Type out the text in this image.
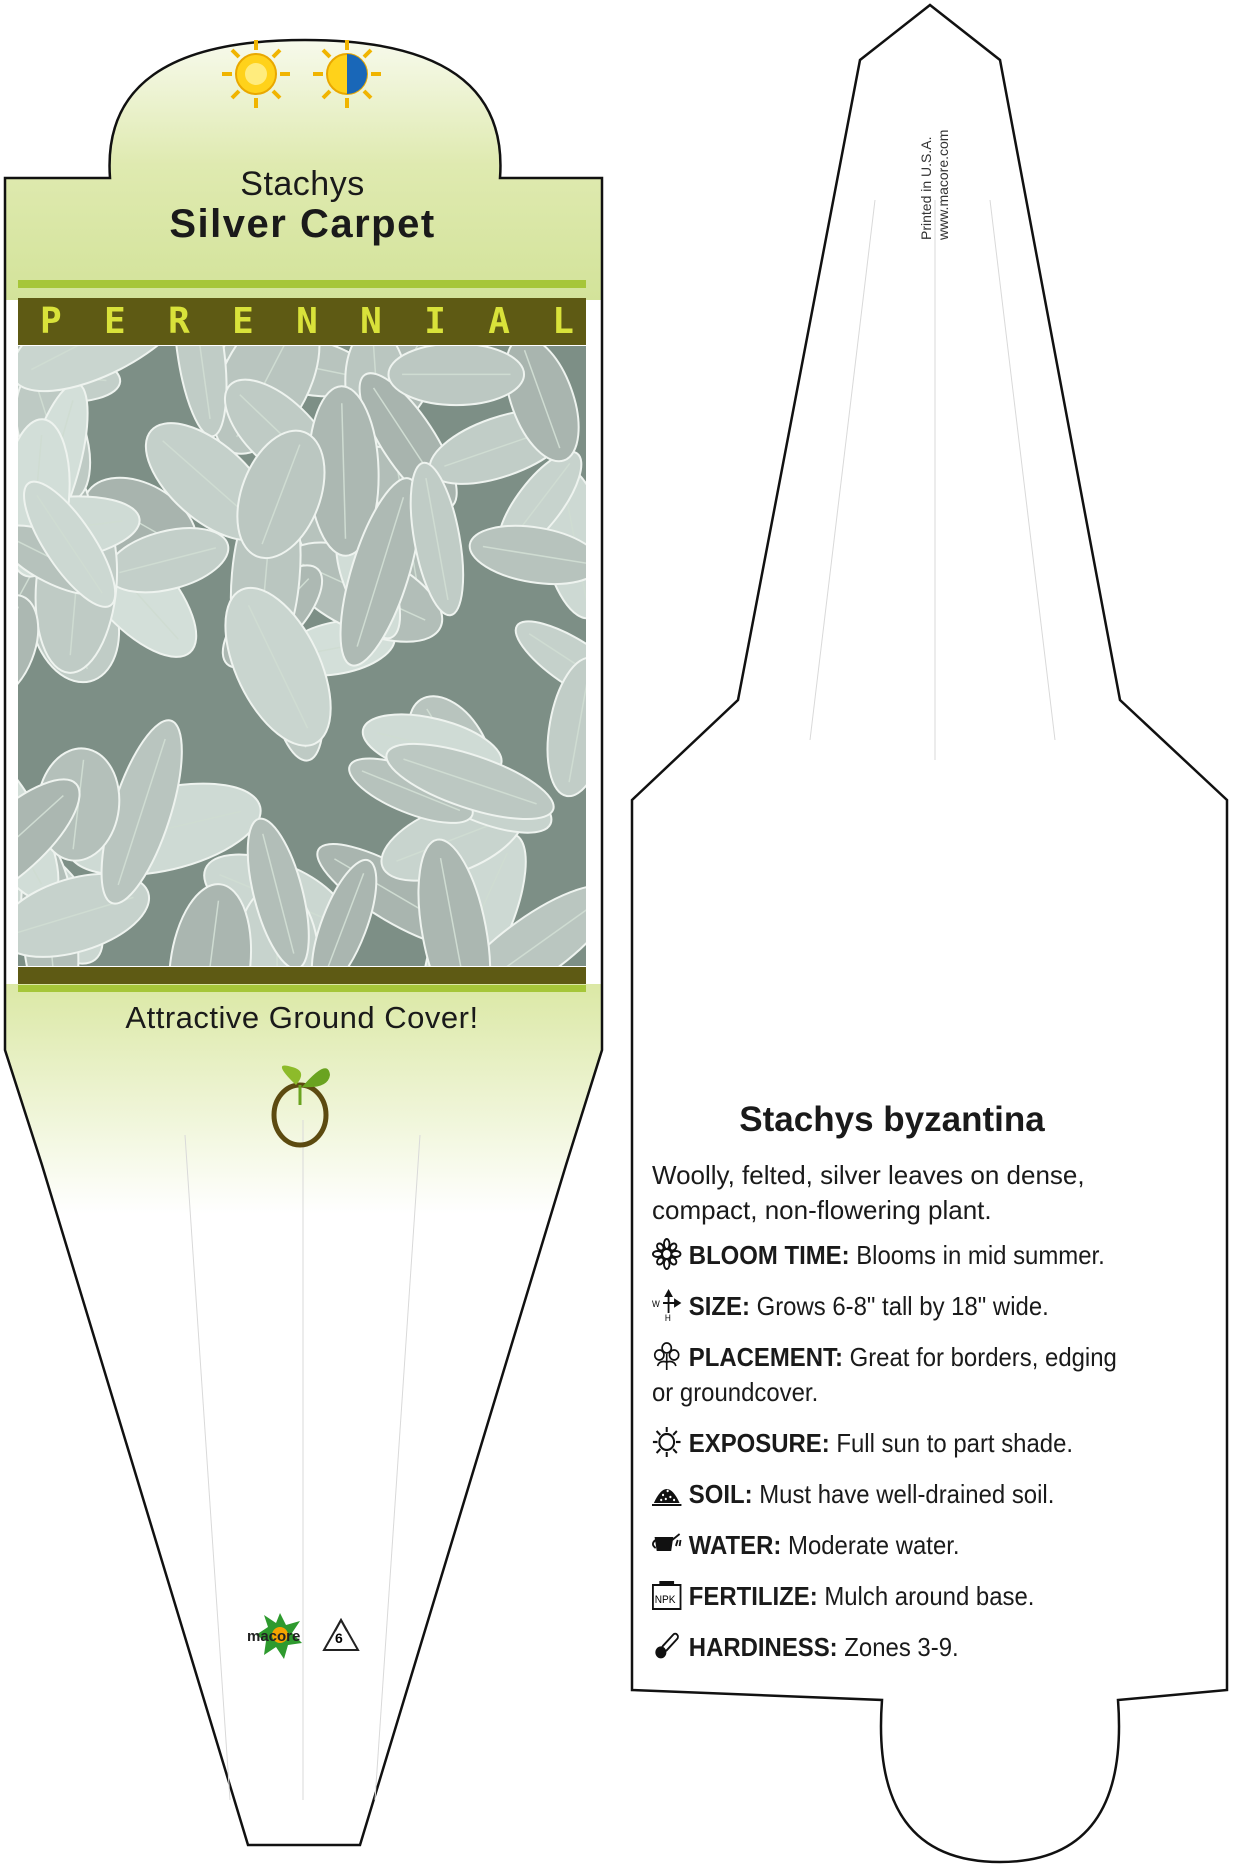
Stachys
Silver Carpet
P E R E N N I A L
Attractive Ground Cover!
macore 6
Printed in U.S.A. www.macore.com
Stachys byzantina
Woolly, felted, silver leaves on dense, compact, non-flowering plant.
BLOOM TIME: Blooms in mid summer.
W
H SIZE: Grows 6-8" tall by 18" wide.
PLACEMENT: Great for borders, edging or groundcover.
EXPOSURE: Full sun to part shade.
SOIL: Must have well-drained soil.
WATER: Moderate water.
NPK FERTILIZE: Mulch around base.
HARDINESS: Zones 3-9.
